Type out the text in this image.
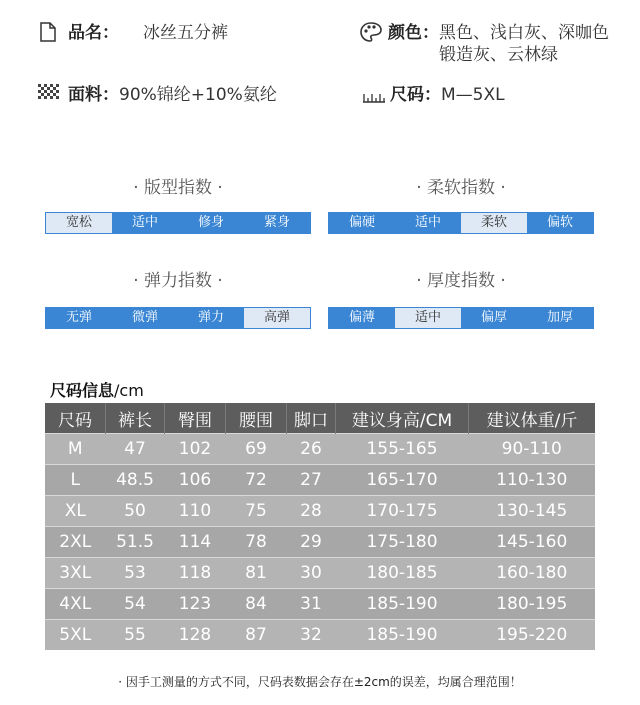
品名： 冰丝五分裤	颜色： 黑色、浅白灰、深咖色
锻造灰、云林绿
面料： 90%锦纶+10%氨纶	尺码： M—5XL
· 版型指数 ·
宽松	适中	修身	紧身
· 柔软指数 ·
偏硬	适中	柔软	偏软
· 弹力指数 ·
无弹	微弹	弹力	高弹
· 厚度指数 ·
偏薄	适中	偏厚	加厚
尺码信息/cm
尺码	裤长	臀围	腰围	脚口	建议身高/CM	建议体重/斤
M	47	102	69	26	155-165	90-110
L	48.5	106	72	27	165-170	110-130
XL	50	110	75	28	170-175	130-145
2XL	51.5	114	78	29	175-180	145-160
3XL	53	118	81	30	180-185	160-180
4XL	54	123	84	31	185-190	180-195
5XL	55	128	87	32	185-190	195-220
· 因手工测量的方式不同，尺码表数据会存在±2cm的误差，均属合理范围！
